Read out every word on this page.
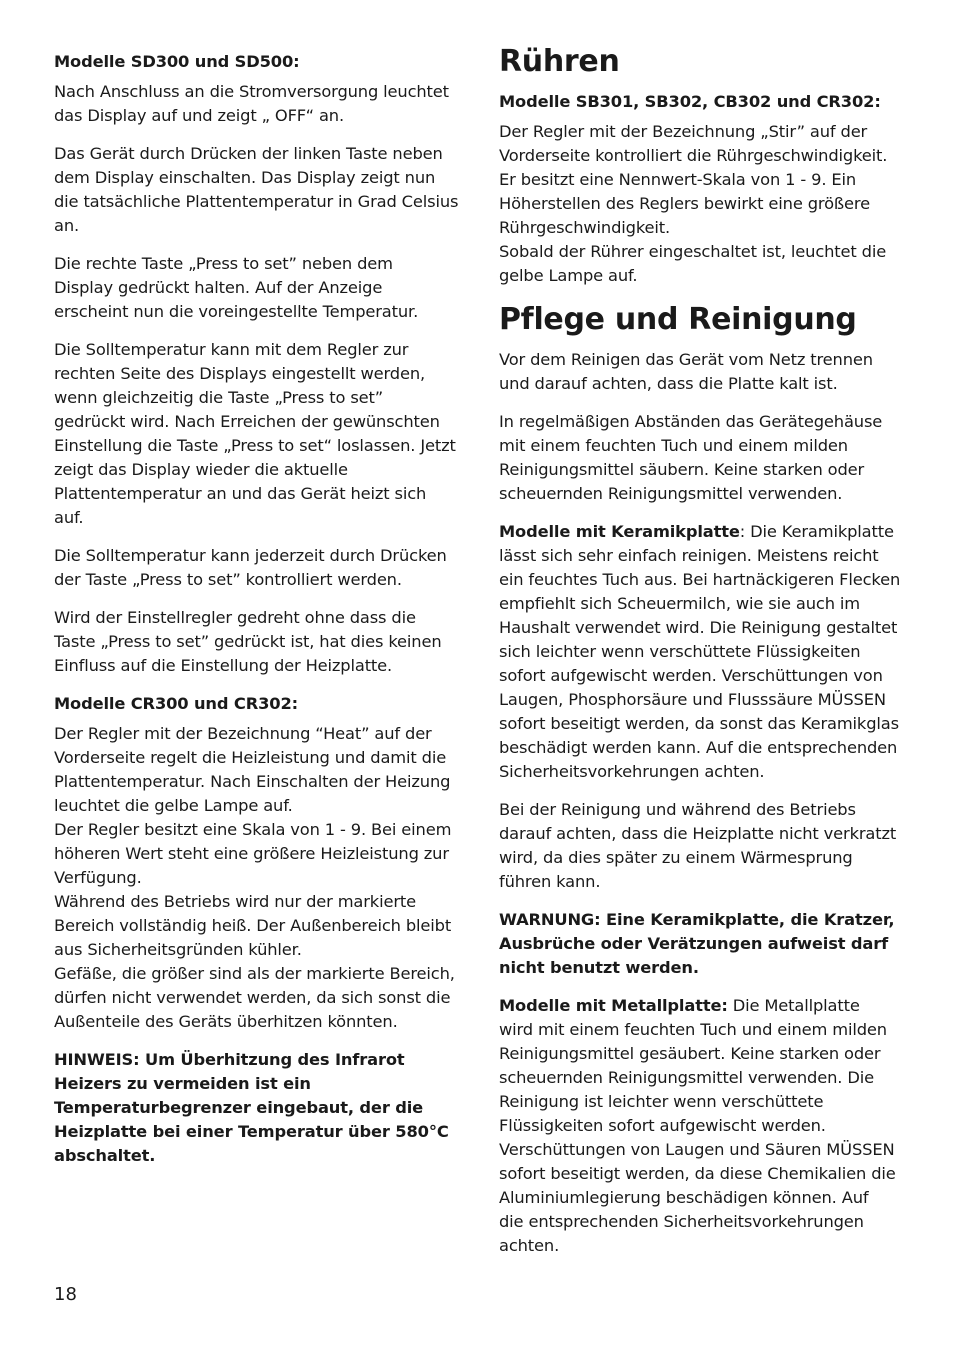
Modelle SD300 und SD500:

Nach Anschluss an die Stromversorgung leuchtet
das Display auf und zeigt „ OFF“ an.

Das Gerät durch Drücken der linken Taste neben
dem Display einschalten. Das Display zeigt nun
die tatsächliche Plattentemperatur in Grad Celsius
an.

Die rechte Taste „Press to set” neben dem
Display gedrückt halten. Auf der Anzeige
erscheint nun die voreingestellte Temperatur.

Die Solltemperatur kann mit dem Regler zur
rechten Seite des Displays eingestellt werden,
wenn gleichzeitig die Taste „Press to set”
gedrückt wird. Nach Erreichen der gewünschten
Einstellung die Taste „Press to set“ loslassen. Jetzt
zeigt das Display wieder die aktuelle
Plattentemperatur an und das Gerät heizt sich
auf.

Die Solltemperatur kann jederzeit durch Drücken
der Taste „Press to set” kontrolliert werden.

Wird der Einstellregler gedreht ohne dass die
Taste „Press to set” gedrückt ist, hat dies keinen
Einfluss auf die Einstellung der Heizplatte.

Modelle CR300 und CR302:

Der Regler mit der Bezeichnung “Heat” auf der
Vorderseite regelt die Heizleistung und damit die
Plattentemperatur. Nach Einschalten der Heizung
leuchtet die gelbe Lampe auf.
Der Regler besitzt eine Skala von 1 - 9. Bei einem
höheren Wert steht eine größere Heizleistung zur
Verfügung.
Während des Betriebs wird nur der markierte
Bereich vollständig heiß. Der Außenbereich bleibt
aus Sicherheitsgründen kühler.
Gefäße, die größer sind als der markierte Bereich,
dürfen nicht verwendet werden, da sich sonst die
Außenteile des Geräts überhitzen könnten.

HINWEIS: Um Überhitzung des Infrarot
Heizers zu vermeiden ist ein
Temperaturbegrenzer eingebaut, der die
Heizplatte bei einer Temperatur über 580°C
abschaltet.

Rühren
Modelle SB301, SB302, CB302 und CR302:

Der Regler mit der Bezeichnung „Stir” auf der
Vorderseite kontrolliert die Rührgeschwindigkeit.
Er besitzt eine Nennwert-Skala von 1 - 9. Ein
Höherstellen des Reglers bewirkt eine größere
Rührgeschwindigkeit.
Sobald der Rührer eingeschaltet ist, leuchtet die
gelbe Lampe auf.

Pflege und Reinigung

Vor dem Reinigen das Gerät vom Netz trennen
und darauf achten, dass die Platte kalt ist.

In regelmäßigen Abständen das Gerätegehäuse
mit einem feuchten Tuch und einem milden
Reinigungsmittel säubern. Keine starken oder
scheuernden Reinigungsmittel verwenden.

Modelle mit Keramikplatte: Die Keramikplatte
lässt sich sehr einfach reinigen. Meistens reicht
ein feuchtes Tuch aus. Bei hartnäckigeren Flecken
empfiehlt sich Scheuermilch, wie sie auch im
Haushalt verwendet wird. Die Reinigung gestaltet
sich leichter wenn verschüttete Flüssigkeiten
sofort aufgewischt werden. Verschüttungen von
Laugen, Phosphorsäure und Flusssäure MÜSSEN
sofort beseitigt werden, da sonst das Keramikglas
beschädigt werden kann. Auf die entsprechenden
Sicherheitsvorkehrungen achten.

Bei der Reinigung und während des Betriebs
darauf achten, dass die Heizplatte nicht verkratzt
wird, da dies später zu einem Wärmesprung
führen kann.

WARNUNG: Eine Keramikplatte, die Kratzer,
Ausbrüche oder Verätzungen aufweist darf
nicht benutzt werden.

Modelle mit Metallplatte: Die Metallplatte
wird mit einem feuchten Tuch und einem milden
Reinigungsmittel gesäubert. Keine starken oder
scheuernden Reinigungsmittel verwenden. Die
Reinigung ist leichter wenn verschüttete
Flüssigkeiten sofort aufgewischt werden.
Verschüttungen von Laugen und Säuren MÜSSEN
sofort beseitigt werden, da diese Chemikalien die
Aluminiumlegierung beschädigen können. Auf
die entsprechenden Sicherheitsvorkehrungen
achten.

18
